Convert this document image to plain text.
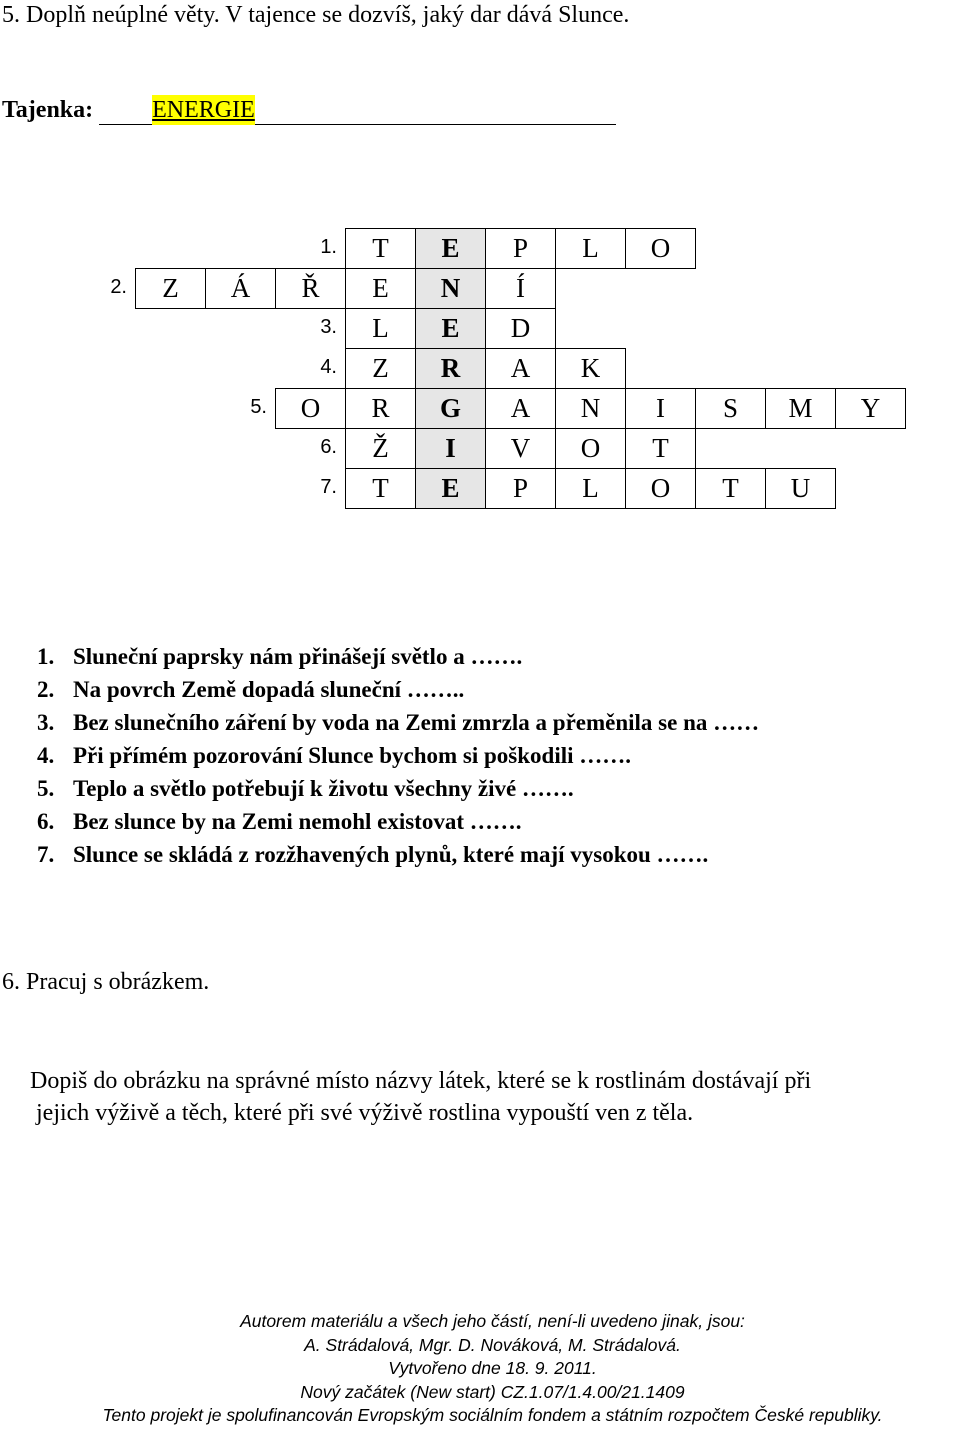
5. Doplň neúplné věty. V tajence se dozvíš, jaký dar dává Slunce.
Tajenka: ENERGIE
1.	T	E	P	L	O
2.	Z	Á	Ř	E	N	Í
3.	L	E	D
4.	Z	R	A	K
5.	O	R	G	A	N	I	S	M	Y
6.	Ž	I	V	O	T
7.	T	E	P	L	O	T	U
1. Sluneční paprsky nám přinášejí světlo a …….
2. Na povrch Země dopadá sluneční ……..
3. Bez slunečního záření by voda na Zemi zmrzla a přeměnila se na ……
4. Při přímém pozorování Slunce bychom si poškodili …….
5. Teplo a světlo potřebují k životu všechny živé …….
6. Bez slunce by na Zemi nemohl existovat …….
7. Slunce se skládá z rozžhavených plynů, které mají vysokou …….
6. Pracuj s obrázkem.
Dopiš do obrázku na správné místo názvy látek, které se k rostlinám dostávají při
jejich výživě a těch, které při své výživě rostlina vypouští ven z těla.
Autorem materiálu a všech jeho částí, není-li uvedeno jinak, jsou:
A. Strádalová, Mgr. D. Nováková, M. Strádalová.
Vytvořeno dne 18. 9. 2011.
Nový začátek (New start) CZ.1.07/1.4.00/21.1409
Tento projekt je spolufinancován Evropským sociálním fondem a státním rozpočtem České republiky.
